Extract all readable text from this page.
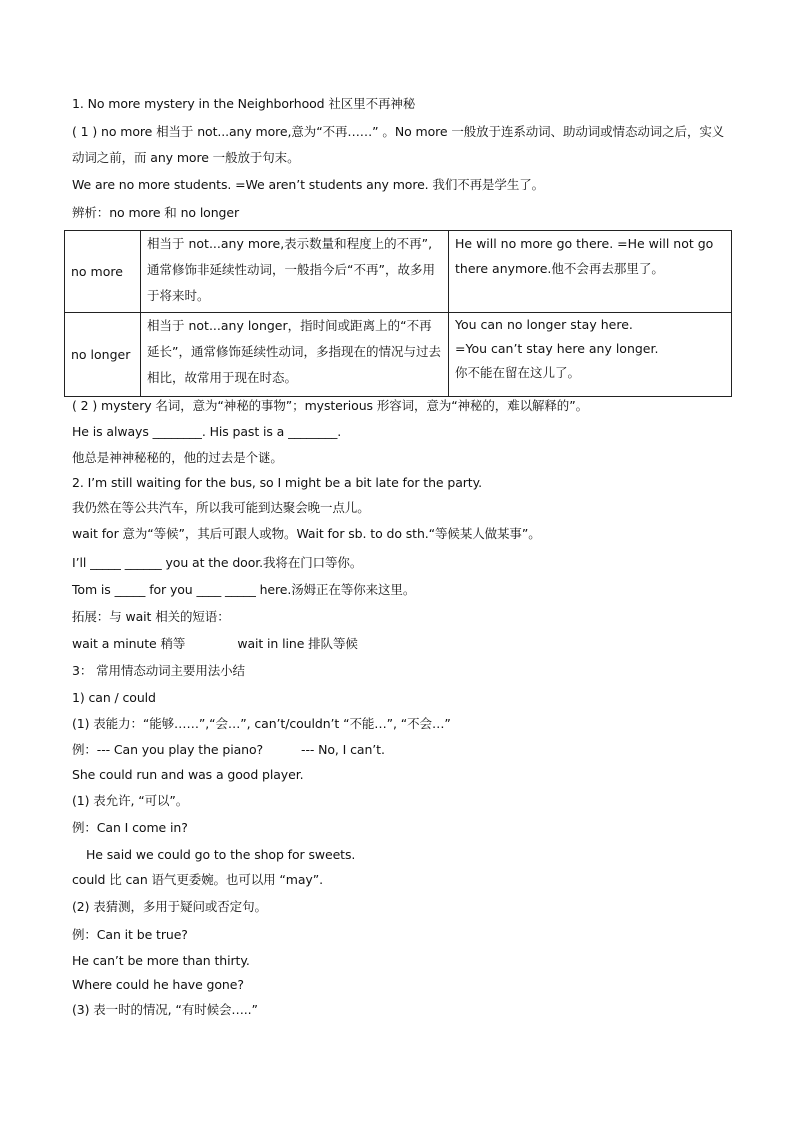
1. No more mystery in the Neighborhood 社区里不再神秘
( 1 ) no more 相当于 not...any more,意为“不再……” 。No more 一般放于连系动词、助动词或情态动词之后，实义动词之前，而 any more 一般放于句末。
We are no more students. =We aren’t students any more. 我们不再是学生了。
辨析：no more 和 no longer
no more	相当于 not...any more,表示数量和程度上的不再”,通常修饰非延续性动词，一般指今后“不再”，故多用于将来时。	He will no more go there. =He will not go there anymore.他不会再去那里了。
no longer	相当于 not...any longer，指时间或距离上的“不再延长”，通常修饰延续性动词，多指现在的情况与过去相比，故常用于现在时态。	You can no longer stay here.
=You can’t stay here any longer.
你不能在留在这儿了。
( 2 ) mystery 名词，意为“神秘的事物”；mysterious 形容词，意为“神秘的，难以解释的”。
He is always ________. His past is a ________.
他总是神神秘秘的，他的过去是个谜。
2. I’m still waiting for the bus, so I might be a bit late for the party.
我仍然在等公共汽车，所以我可能到达聚会晚一点儿。
wait for 意为“等候”，其后可跟人或物。Wait for sb. to do sth.“等候某人做某事”。
I’ll _____ ______ you at the door.我将在门口等你。
Tom is _____ for you ____ _____ here.汤姆正在等你来这里。
拓展：与 wait 相关的短语：
wait a minute 稍等	wait in line 排队等候
3： 常用情态动词主要用法小结
1) can / could
(1) 表能力：“能够……”,“会…”, can’t/couldn’t “不能…”, “不会…”
例：--- Can you play the piano?	--- No, I can’t.
She could run and was a good player.
(1) 表允许, “可以”。
例：Can I come in?
He said we could go to the shop for sweets.
could 比 can 语气更委婉。也可以用 “may”.
(2) 表猜测，多用于疑问或否定句。
例：Can it be true?
He can’t be more than thirty.
Where could he have gone?
(3) 表一时的情况, “有时候会…..”
